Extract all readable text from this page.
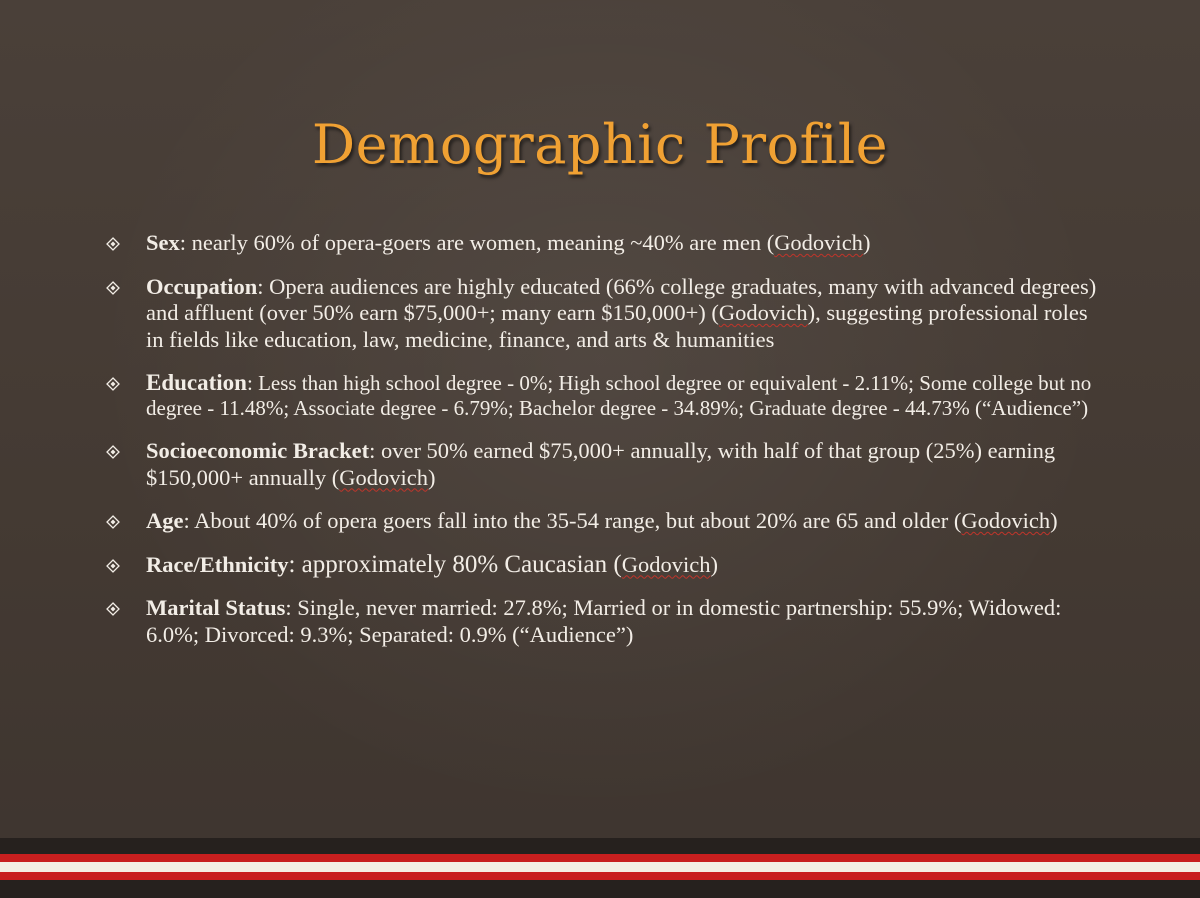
Demographic Profile
Sex: nearly 60% of opera-goers are women, meaning ~40% are men (Godovich)
Occupation: Opera audiences are highly educated (66% college graduates, many with advanced degrees) and affluent (over 50% earn $75,000+; many earn $150,000+) (Godovich), suggesting professional roles in fields like education, law, medicine, finance, and arts & humanities
Education: Less than high school degree - 0%; High school degree or equivalent - 2.11%; Some college but no degree - 11.48%; Associate degree - 6.79%; Bachelor degree - 34.89%; Graduate degree - 44.73% (“Audience”)
Socioeconomic Bracket: over 50% earned $75,000+ annually, with half of that group (25%) earning $150,000+ annually (Godovich)
Age: About 40% of opera goers fall into the 35-54 range, but about 20% are 65 and older (Godovich)
Race/Ethnicity: approximately 80% Caucasian (Godovich)
Marital Status: Single, never married: 27.8%; Married or in domestic partnership: 55.9%; Widowed: 6.0%; Divorced: 9.3%; Separated: 0.9% (“Audience”)
